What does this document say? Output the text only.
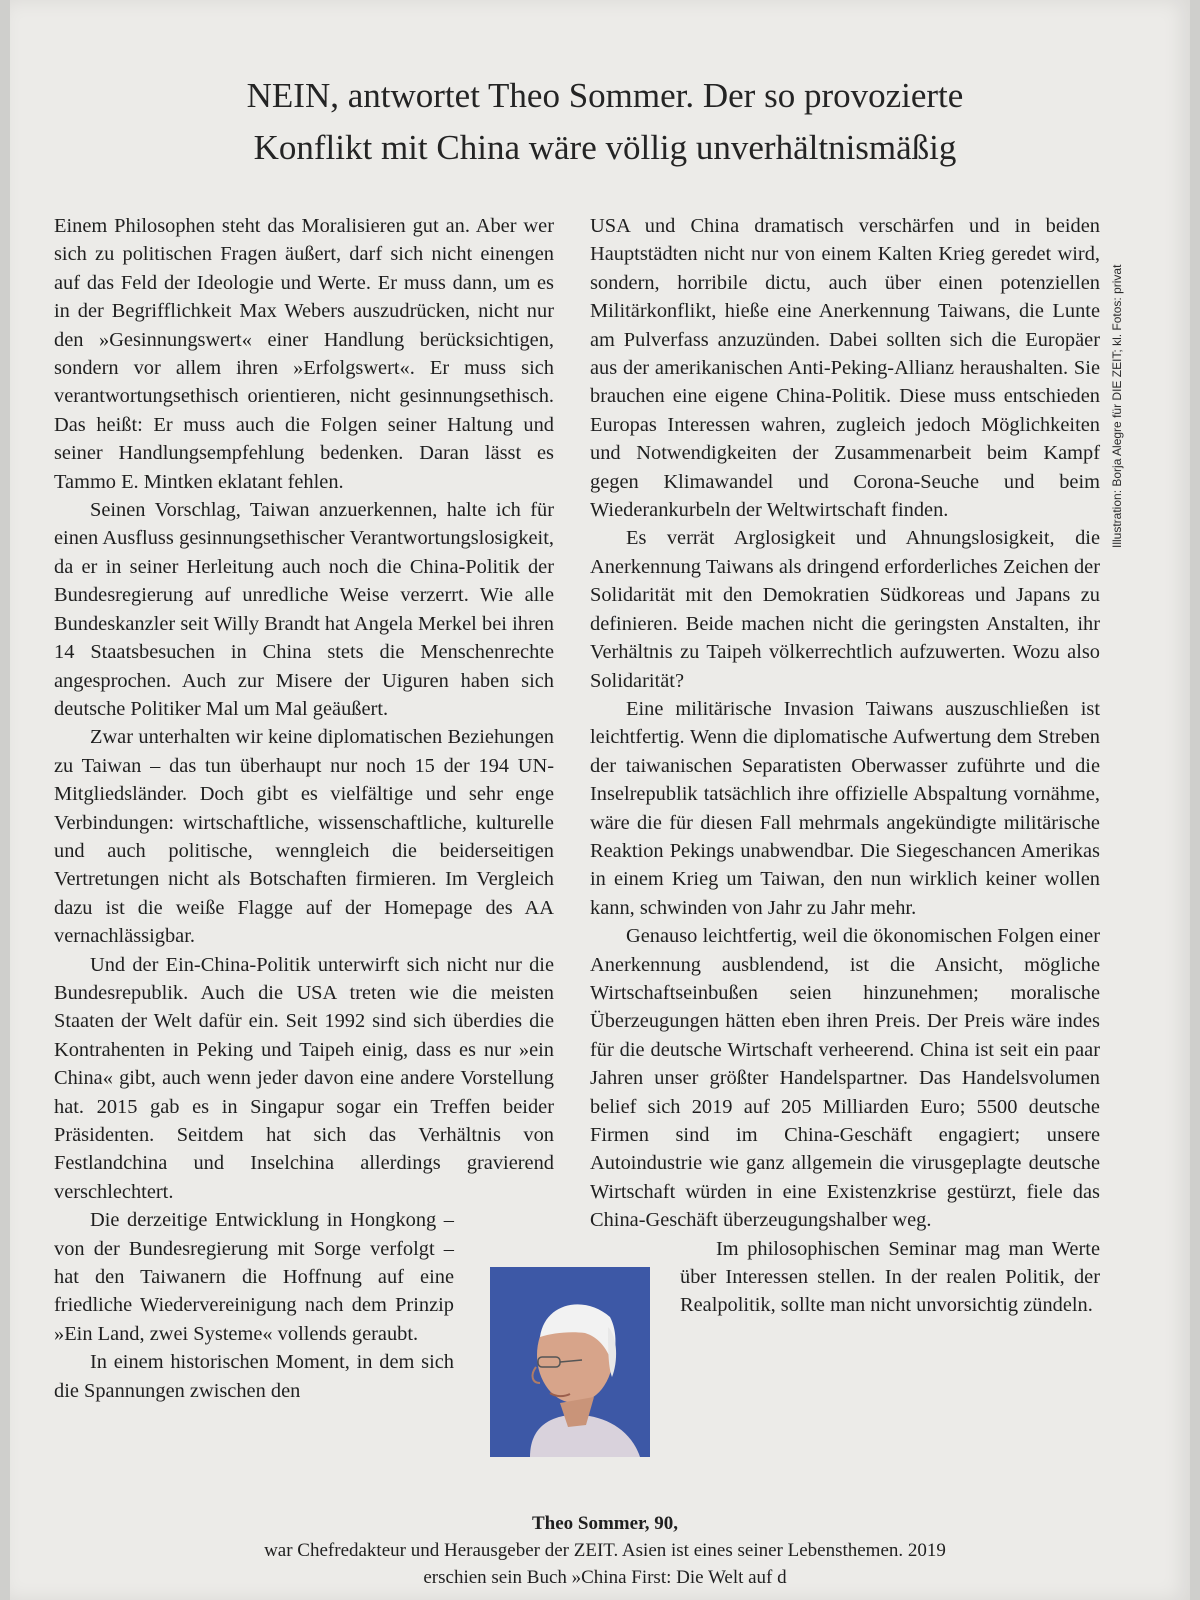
NEIN, antwortet Theo Sommer. Der so provozierte
Konflikt mit China wäre völlig unverhältnismäßig

Einem Philosophen steht das Moralisieren gut an. Aber wer sich zu politischen Fragen äußert, darf sich nicht einengen auf das Feld der Ideologie und Werte. Er muss dann, um es in der Begrifflichkeit Max Webers auszudrücken, nicht nur den »Gesinnungswert« einer Handlung berücksichtigen, sondern vor allem ihren »Erfolgswert«. Er muss sich verantwortungsethisch orientieren, nicht gesinnungsethisch. Das heißt: Er muss auch die Folgen seiner Haltung und seiner Handlungsempfehlung bedenken. Daran lässt es Tammo E. Mintken eklatant fehlen.

Seinen Vorschlag, Taiwan anzuerkennen, halte ich für einen Ausfluss gesinnungsethischer Verantwortungslosigkeit, da er in seiner Herleitung auch noch die China-Politik der Bundesregierung auf unredliche Weise verzerrt. Wie alle Bundeskanzler seit Willy Brandt hat Angela Merkel bei ihren 14 Staatsbesuchen in China stets die Menschenrechte angesprochen. Auch zur Misere der Uiguren haben sich deutsche Politiker Mal um Mal geäußert.

Zwar unterhalten wir keine diplomatischen Beziehungen zu Taiwan – das tun überhaupt nur noch 15 der 194 UN-Mitgliedsländer. Doch gibt es vielfältige und sehr enge Verbindungen: wirtschaftliche, wissenschaftliche, kulturelle und auch politische, wenngleich die beiderseitigen Vertretungen nicht als Botschaften firmieren. Im Vergleich dazu ist die weiße Flagge auf der Homepage des AA vernachlässigbar.

Und der Ein-China-Politik unterwirft sich nicht nur die Bundesrepublik. Auch die USA treten wie die meisten Staaten der Welt dafür ein. Seit 1992 sind sich überdies die Kontrahenten in Peking und Taipeh einig, dass es nur »ein China« gibt, auch wenn jeder davon eine andere Vorstellung hat. 2015 gab es in Singapur sogar ein Treffen beider Präsidenten. Seitdem hat sich das Verhältnis von Festlandchina und Inselchina allerdings gravierend verschlechtert.

Die derzeitige Entwicklung in Hongkong – von der Bundesregierung mit Sorge verfolgt – hat den Taiwanern die Hoffnung auf eine friedliche Wiedervereinigung nach dem Prinzip »Ein Land, zwei Systeme« vollends geraubt.

In einem historischen Moment, in dem sich die Spannungen zwischen den

USA und China dramatisch verschärfen und in beiden Hauptstädten nicht nur von einem Kalten Krieg geredet wird, sondern, horribile dictu, auch über einen potenziellen Militärkonflikt, hieße eine Anerkennung Taiwans, die Lunte am Pulverfass anzuzünden. Dabei sollten sich die Europäer aus der amerikanischen Anti-Peking-Allianz heraushalten. Sie brauchen eine eigene China-Politik. Diese muss entschieden Europas Interessen wahren, zugleich jedoch Möglichkeiten und Notwendigkeiten der Zusammenarbeit beim Kampf gegen Klimawandel und Corona-Seuche und beim Wiederankurbeln der Weltwirtschaft finden.

Es verrät Arglosigkeit und Ahnungslosigkeit, die Anerkennung Taiwans als dringend erforderliches Zeichen der Solidarität mit den Demokratien Südkoreas und Japans zu definieren. Beide machen nicht die geringsten Anstalten, ihr Verhältnis zu Taipeh völkerrechtlich aufzuwerten. Wozu also Solidarität?

Eine militärische Invasion Taiwans auszuschließen ist leichtfertig. Wenn die diplomatische Aufwertung dem Streben der taiwanischen Separatisten Oberwasser zuführte und die Inselrepublik tatsächlich ihre offizielle Abspaltung vornähme, wäre die für diesen Fall mehrmals angekündigte militärische Reaktion Pekings unabwendbar. Die Siegeschancen Amerikas in einem Krieg um Taiwan, den nun wirklich keiner wollen kann, schwinden von Jahr zu Jahr mehr.

Genauso leichtfertig, weil die ökonomischen Folgen einer Anerkennung ausblendend, ist die Ansicht, mögliche Wirtschaftseinbußen seien hinzunehmen; moralische Überzeugungen hätten eben ihren Preis. Der Preis wäre indes für die deutsche Wirtschaft verheerend. China ist seit ein paar Jahren unser größter Handelspartner. Das Handelsvolumen belief sich 2019 auf 205 Milliarden Euro; 5500 deutsche Firmen sind im China-Geschäft engagiert; unsere Autoindustrie wie ganz allgemein die virusgeplagte deutsche Wirtschaft würden in eine Existenzkrise gestürzt, fiele das China-Geschäft überzeugungshalber weg.

Im philosophischen Seminar mag man Werte über Interessen stellen. In der realen Politik, der Realpolitik, sollte man nicht unvorsichtig zündeln.

Illustration: Borja Alegre für DIE ZEIT; kl. Fotos: privat
Theo Sommer, 90,
war Chefredakteur und Herausgeber der ZEIT. Asien ist eines seiner Lebensthemen. 2019
erschien sein Buch »China First: Die Welt auf d
